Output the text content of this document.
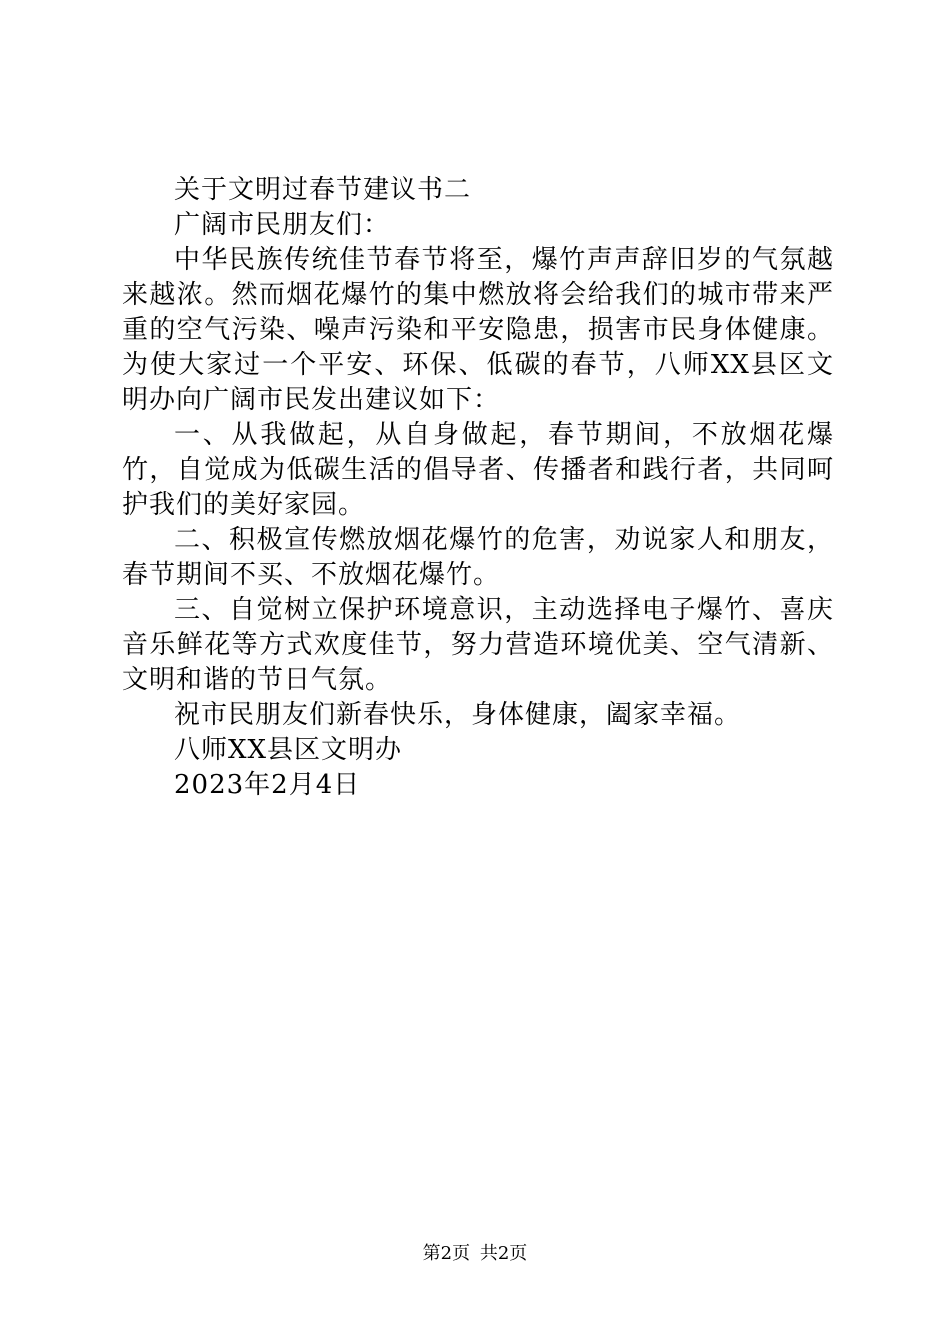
关于文明过春节建议书二

广阔市民朋友们：

中华民族传统佳节春节将至，爆竹声声辞旧岁的气氛越来越浓。然而烟花爆竹的集中燃放将会给我们的城市带来严重的空气污染、噪声污染和平安隐患，损害市民身体健康。为使大家过一个平安、环保、低碳的春节，八师XX县区文明办向广阔市民发出建议如下：

一、从我做起，从自身做起，春节期间，不放烟花爆竹，自觉成为低碳生活的倡导者、传播者和践行者，共同呵护我们的美好家园。

二、积极宣传燃放烟花爆竹的危害，劝说家人和朋友，春节期间不买、不放烟花爆竹。

三、自觉树立保护环境意识，主动选择电子爆竹、喜庆音乐鲜花等方式欢度佳节，努力营造环境优美、空气清新、文明和谐的节日气氛。

祝市民朋友们新春快乐，身体健康，阖家幸福。

八师XX县区文明办

2023年2月4日

第2页 共2页
